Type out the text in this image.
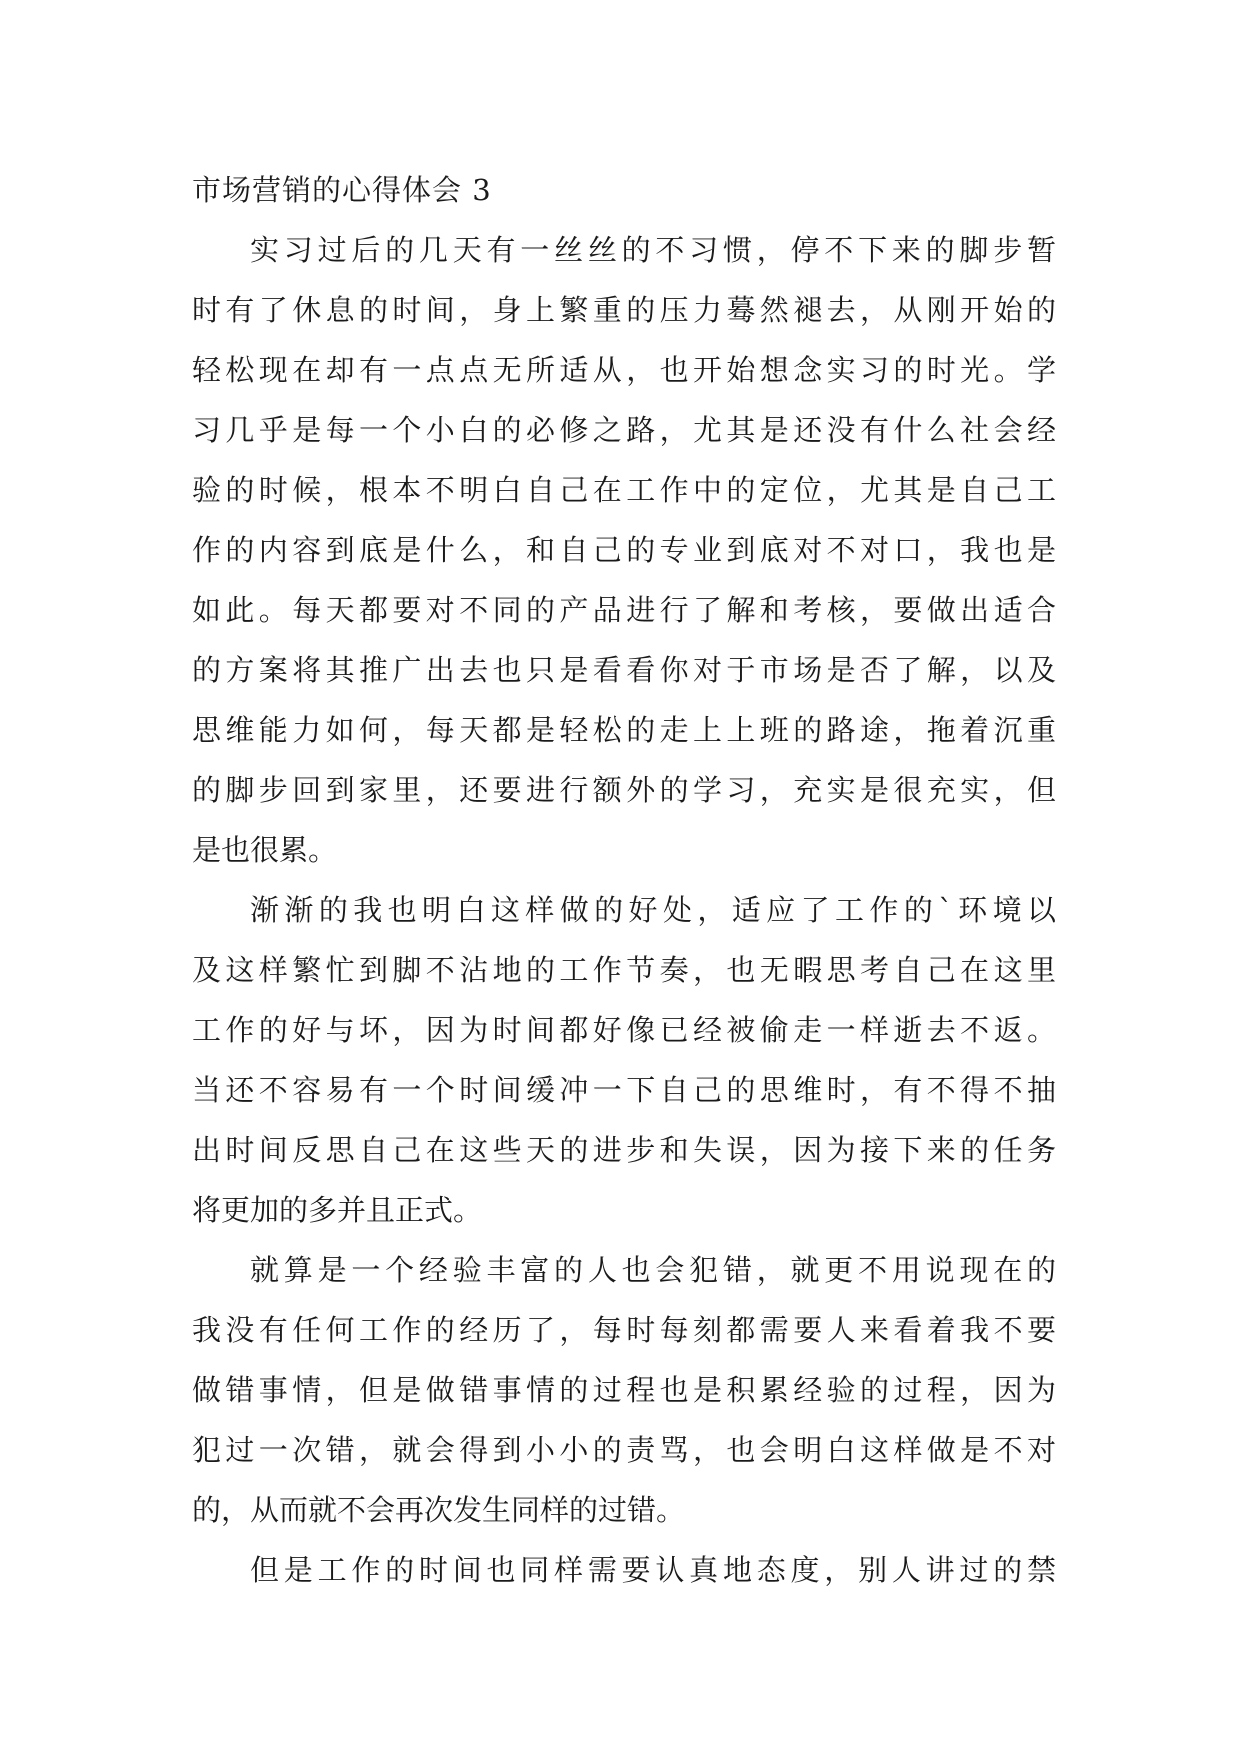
市场营销的心得体会 3
实习过后的几天有一丝丝的不习惯，停不下来的脚步暂
时有了休息的时间，身上繁重的压力蓦然褪去，从刚开始的
轻松现在却有一点点无所适从，也开始想念实习的时光。学
习几乎是每一个小白的必修之路，尤其是还没有什么社会经
验的时候，根本不明白自己在工作中的定位，尤其是自己工
作的内容到底是什么，和自己的专业到底对不对口，我也是
如此。每天都要对不同的产品进行了解和考核，要做出适合
的方案将其推广出去也只是看看你对于市场是否了解，以及
思维能力如何，每天都是轻松的走上上班的路途，拖着沉重
的脚步回到家里，还要进行额外的学习，充实是很充实，但
是也很累。
渐渐的我也明白这样做的好处，适应了工作的`环境以
及这样繁忙到脚不沾地的工作节奏，也无暇思考自己在这里
工作的好与坏，因为时间都好像已经被偷走一样逝去不返。
当还不容易有一个时间缓冲一下自己的思维时，有不得不抽
出时间反思自己在这些天的进步和失误，因为接下来的任务
将更加的多并且正式。
就算是一个经验丰富的人也会犯错，就更不用说现在的
我没有任何工作的经历了，每时每刻都需要人来看着我不要
做错事情，但是做错事情的过程也是积累经验的过程，因为
犯过一次错，就会得到小小的责骂，也会明白这样做是不对
的，从而就不会再次发生同样的过错。
但是工作的时间也同样需要认真地态度，别人讲过的禁
